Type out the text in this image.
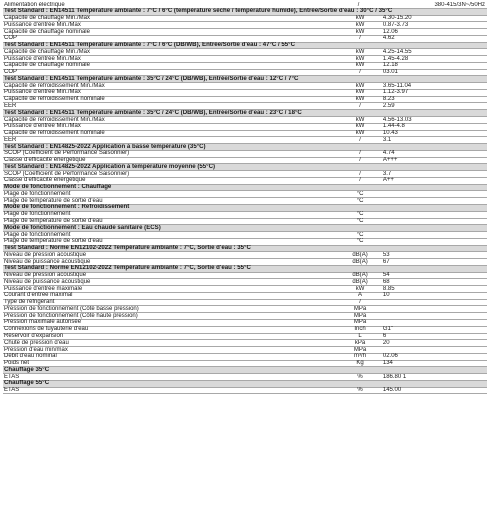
Alimentation électrique	/	380-415/3N~/50Hz
Test Standard : EN14511 Température ambiante : 7°C / 6°C (température sèche / température humide), Entrée/Sortie d'eau : 30°C / 35°C
Capacité de chauffage Min./Max	kW	4.30-15.20
Puissance d'entrée Min./Max	kW	0.87-3.73
Capacité de chauffage nominale	kW	12.06
COP	/	4.62
Test Standard : EN14511 Température ambiante : 7°C / 6°C (DB/WB), Entrée/Sortie d'eau : 47°C / 55°C
Capacité de chauffage Min./Max	kW	4.25-14.55
Puissance d'entrée Min./Max	kW	1.45-4.28
Capacité de chauffage nominale	kW	12.18
COP	/	03.01
Test Standard : EN14511 Température ambiante : 35°C / 24°C (DB/WB), Entrée/Sortie d'eau : 12°C / 7°C
Capacité de refroidissement Min./Max	kW	3.65-11.04
Puissance d'entrée Min./Max	kW	1.12-3.97
Capacité de refroidissement nominale	kW	8.23
EER	/	2.59
Test Standard : EN14511 Température ambiante : 35°C / 24°C (DB/WB), Entrée/Sortie d'eau : 23°C / 18°C
Capacité de refroidissement Min./Max	kW	4.56-13.03
Puissance d'entrée Min./Max	kW	1.44-4.8
Capacité de refroidissement nominale	kW	10.43
EER	/	3.1
Test Standard : EN14825-2022 Application à basse température (35°C)
SCOP (Coefficient de Performance Saisonnier)	/	4.74
Classe d'efficacité énergétique	/	A+++
Test Standard : EN14825-2022 Application à température moyenne (55°C)
SCOP (Coefficient de Performance Saisonnier)	/	3.7
Classe d'efficacité énergétique	/	A++
Mode de fonctionnement : Chauffage
Plage de fonctionnement	°C
Plage de température de sortie d'eau	°C
Mode de fonctionnement : Refroidissement
Plage de fonctionnement	°C
Plage de température de sortie d'eau	°C
Mode de fonctionnement : Eau chaude sanitaire (ECS)
Plage de fonctionnement	°C
Plage de température de sortie d'eau	°C
Test Standard : Norme EN12102-2022 Température ambiante : 7°C, Sortie d'eau : 35°C
Niveau de pression acoustique	dB(A)	53
Niveau de puissance acoustique	dB(A)	67
Test Standard : Norme EN12102-2022 Température ambiante : 7°C, Sortie d'eau : 55°C
Niveau de pression acoustique	dB(A)	54
Niveau de puissance acoustique	dB(A)	68
Puissance d'entrée maximale	kW	8.85
Courant d'entrée maximal	A	10
Type de réfrigérant	/
Pression de fonctionnement (Côté basse pression)	MPa
Pression de fonctionnement (Côté haute pression)	MPa
Pression maximale autorisée	MPa
Connexions de tuyauterie d'eau	Inch	G1"
Réservoir d'expansion	L	6
Chute de pression d'eau	kPa	20
Pression d'eau min/max	MPa
Débit d'eau nominal	m³/h	02.06
Poids net	Kg	134
Chauffage 35°C
ETAS	%	186.80 1
Chauffage 55°C
ETAS	%	145.00
